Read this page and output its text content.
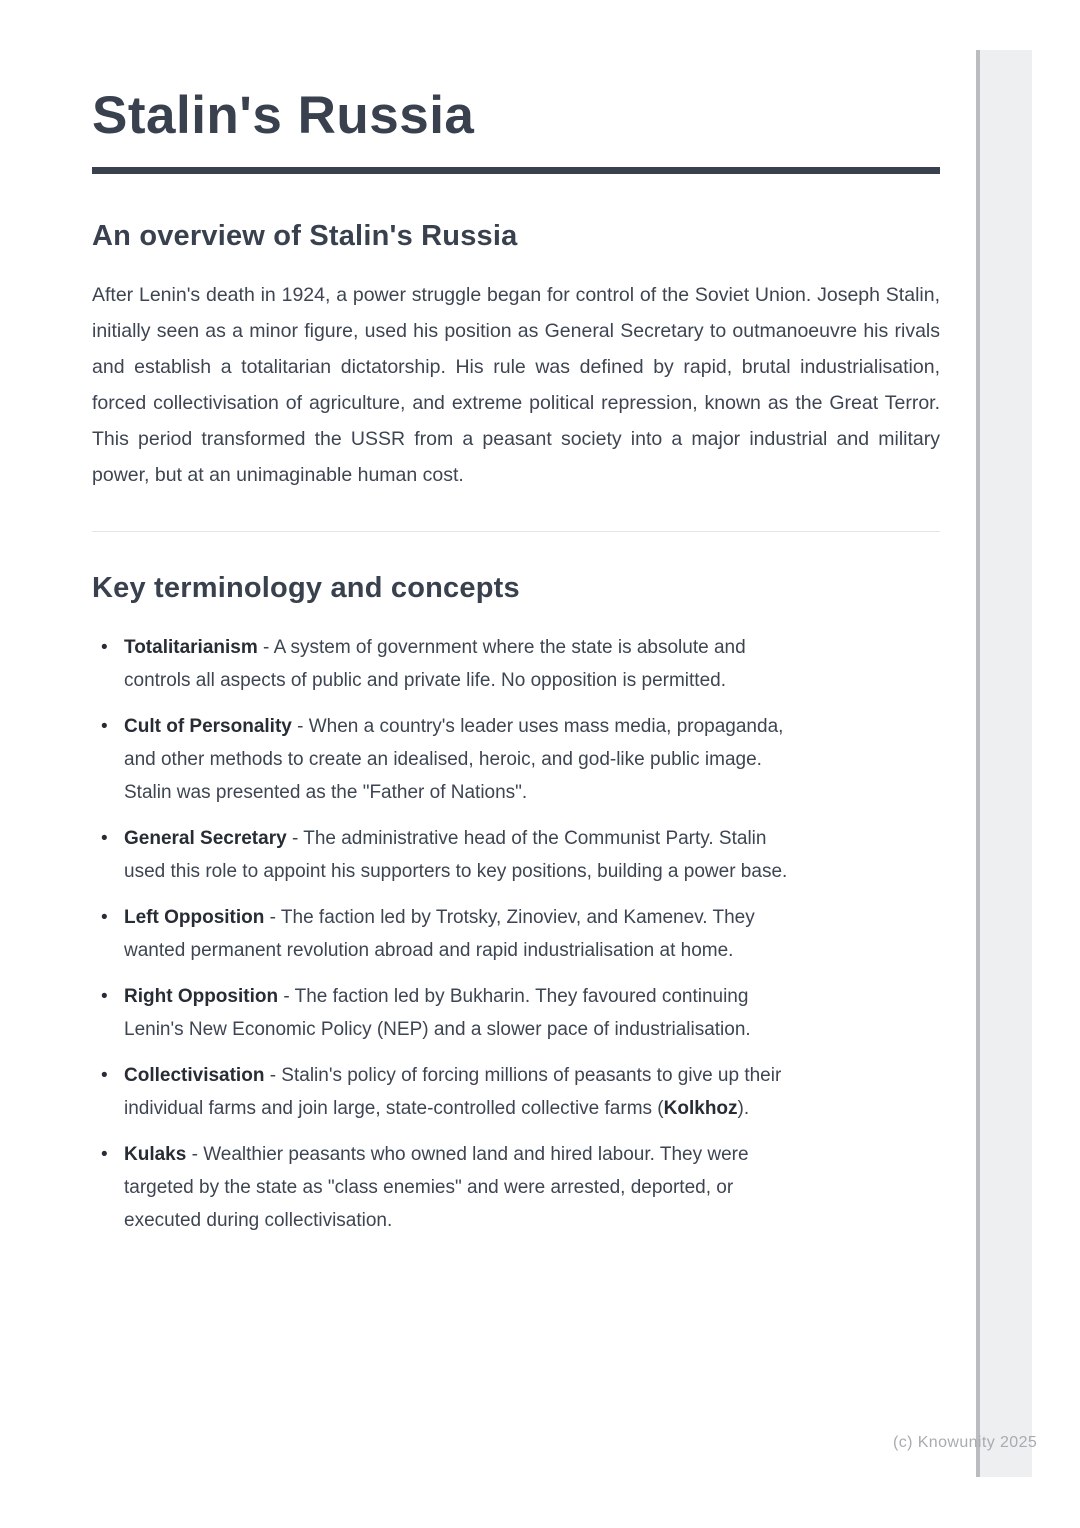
(c) Knowunity 2025
Stalin's Russia
An overview of Stalin's Russia

After Lenin's death in 1924, a power struggle began for control of the Soviet Union. Joseph Stalin, initially seen as a minor figure, used his position as General Secretary to outmanoeuvre his rivals and establish a totalitarian dictatorship. His rule was defined by rapid, brutal industrialisation, forced collectivisation of agriculture, and extreme political repression, known as the Great Terror. This period transformed the USSR from a peasant society into a major industrial and military power, but at an unimaginable human cost.

Key terminology and concepts
• Totalitarianism - A system of government where the state is absolute and controls all aspects of public and private life. No opposition is permitted.
• Cult of Personality - When a country's leader uses mass media, propaganda, and other methods to create an idealised, heroic, and god-like public image. Stalin was presented as the "Father of Nations".
• General Secretary - The administrative head of the Communist Party. Stalin used this role to appoint his supporters to key positions, building a power base.
• Left Opposition - The faction led by Trotsky, Zinoviev, and Kamenev. They wanted permanent revolution abroad and rapid industrialisation at home.
• Right Opposition - The faction led by Bukharin. They favoured continuing Lenin's New Economic Policy (NEP) and a slower pace of industrialisation.
• Collectivisation - Stalin's policy of forcing millions of peasants to give up their individual farms and join large, state-controlled collective farms (Kolkhoz).
• Kulaks - Wealthier peasants who owned land and hired labour. They were targeted by the state as "class enemies" and were arrested, deported, or executed during collectivisation.
